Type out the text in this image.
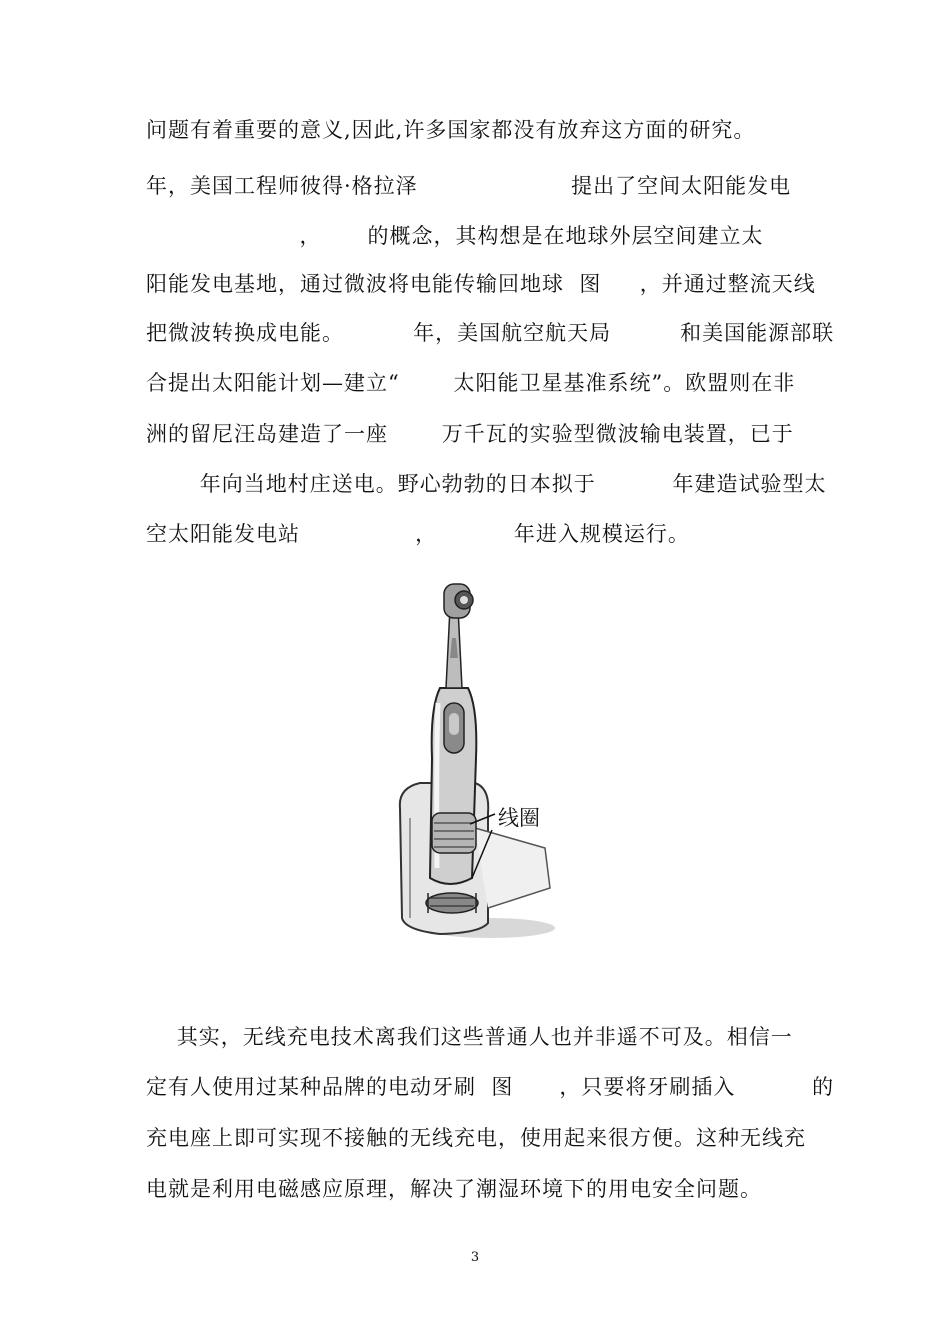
问题有着重要的意义,因此,许多国家都没有放弃这方面的研究。
年，美国工程师彼得·格拉泽                    提出了空间太阳能发电
，      的概念，其构想是在地球外层空间建立太
阳能发电基地，通过微波将电能传输回地球  图     ，并通过整流天线
把微波转换成电能。         年，美国航空航天局         和美国能源部联
合提出太阳能计划—建立“       太阳能卫星基准系统”。欧盟则在非
洲的留尼汪岛建造了一座       万千瓦的实验型微波输电装置，已于
年向当地村庄送电。野心勃勃的日本拟于          年建造试验型太
空太阳能发电站               ，          年进入规模运行。
线圈
其实，无线充电技术离我们这些普通人也并非遥不可及。相信一
定有人使用过某种品牌的电动牙刷  图      ，只要将牙刷插入          的
充电座上即可实现不接触的无线充电，使用起来很方便。这种无线充
电就是利用电磁感应原理，解决了潮湿环境下的用电安全问题。
3
